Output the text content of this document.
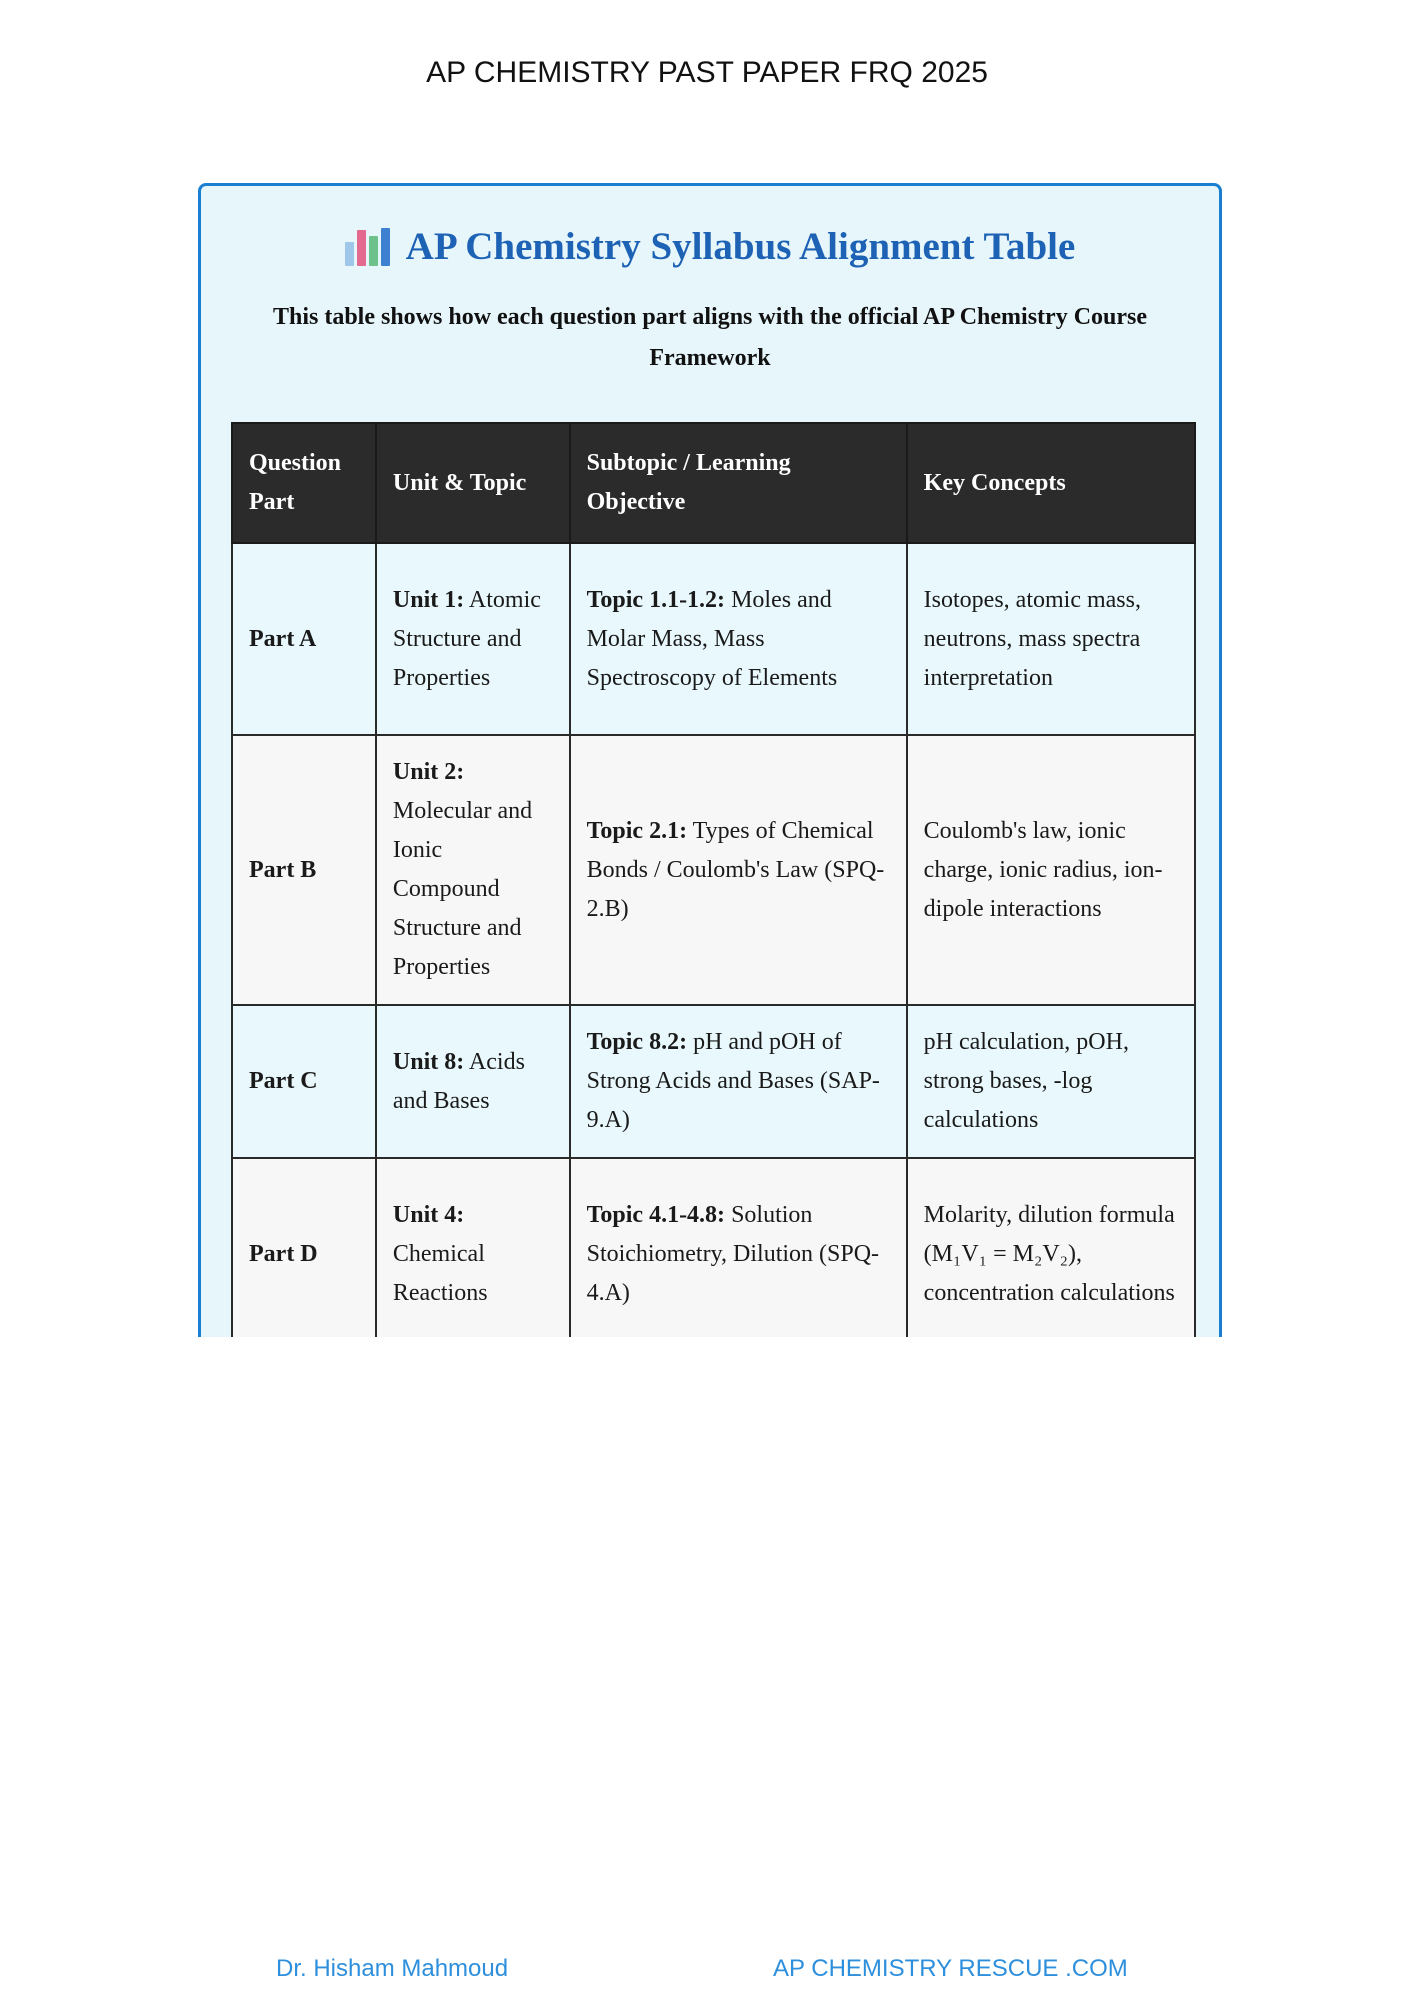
AP CHEMISTRY PAST PAPER FRQ 2025
AP Chemistry Syllabus Alignment Table
This table shows how each question part aligns with the official AP Chemistry Course Framework
Question Part	Unit & Topic	Subtopic / Learning Objective	Key Concepts
Part A	Unit 1: Atomic Structure and Properties	Topic 1.1-1.2: Moles and Molar Mass, Mass Spectroscopy of Elements	Isotopes, atomic mass, neutrons, mass spectra interpretation
Part B	Unit 2: Molecular and Ionic Compound Structure and Properties	Topic 2.1: Types of Chemical Bonds / Coulomb's Law (SPQ-2.B)	Coulomb's law, ionic charge, ionic radius, ion-dipole interactions
Part C	Unit 8: Acids and Bases	Topic 8.2: pH and pOH of Strong Acids and Bases (SAP-9.A)	pH calculation, pOH, strong bases, -log calculations
Part D	Unit 4: Chemical Reactions	Topic 4.1-4.8: Solution Stoichiometry, Dilution (SPQ-4.A)	Molarity, dilution formula (M₁V₁ = M₂V₂), concentration calculations
Dr. Hisham Mahmoud	AP CHEMISTRY RESCUE .COM
